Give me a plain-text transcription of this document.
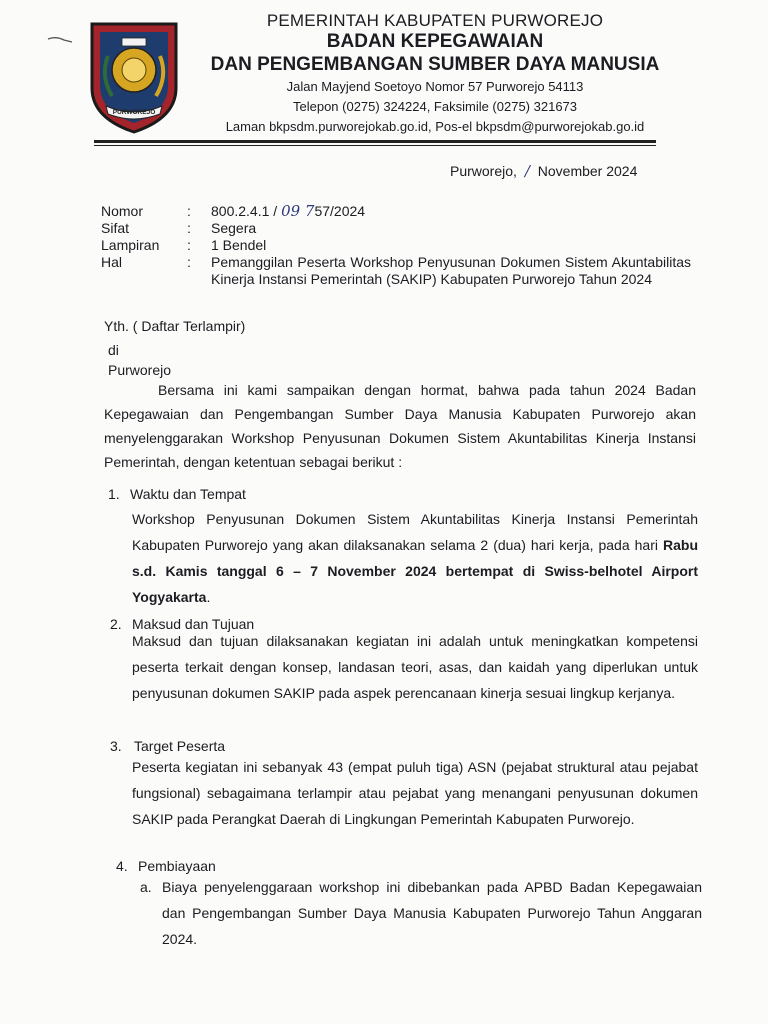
PURWOREJO
PEMERINTAH KABUPATEN PURWOREJO
BADAN KEPEGAWAIAN
DAN PENGEMBANGAN SUMBER DAYA MANUSIA
Jalan Mayjend Soetoyo Nomor 57 Purworejo 54113
Telepon (0275) 324224, Faksimile (0275) 321673
Laman bkpsdm.purworejokab.go.id, Pos-el bkpsdm@purworejokab.go.id
Purworejo, / November 2024
Nomor	:	800.2.4.1 / 09 757/2024
Sifat	:	Segera
Lampiran	:	1 Bendel
Hal	:	Pemanggilan Peserta Workshop Penyusunan Dokumen Sistem Akuntabilitas Kinerja Instansi Pemerintah (SAKIP) Kabupaten Purworejo Tahun 2024
Yth. ( Daftar Terlampir)
di
Purworejo
Bersama ini kami sampaikan dengan hormat, bahwa pada tahun 2024 Badan Kepegawaian dan Pengembangan Sumber Daya Manusia Kabupaten Purworejo akan menyelenggarakan Workshop Penyusunan Dokumen Sistem Akuntabilitas Kinerja Instansi Pemerintah, dengan ketentuan sebagai berikut :
1. Waktu dan Tempat
Workshop Penyusunan Dokumen Sistem Akuntabilitas Kinerja Instansi Pemerintah Kabupaten Purworejo yang akan dilaksanakan selama 2 (dua) hari kerja, pada hari Rabu s.d. Kamis tanggal 6 – 7 November 2024 bertempat di Swiss-belhotel Airport Yogyakarta.
2. Maksud dan Tujuan
Maksud dan tujuan dilaksanakan kegiatan ini adalah untuk meningkatkan kompetensi peserta terkait dengan konsep, landasan teori, asas, dan kaidah yang diperlukan untuk penyusunan dokumen SAKIP pada aspek perencanaan kinerja sesuai lingkup kerjanya.
3. Target Peserta
Peserta kegiatan ini sebanyak 43 (empat puluh tiga) ASN (pejabat struktural atau pejabat fungsional) sebagaimana terlampir atau pejabat yang menangani penyusunan dokumen SAKIP pada Perangkat Daerah di Lingkungan Pemerintah Kabupaten Purworejo.
4. Pembiayaan
a. Biaya penyelenggaraan workshop ini dibebankan pada APBD Badan Kepegawaian dan Pengembangan Sumber Daya Manusia Kabupaten Purworejo Tahun Anggaran 2024.
